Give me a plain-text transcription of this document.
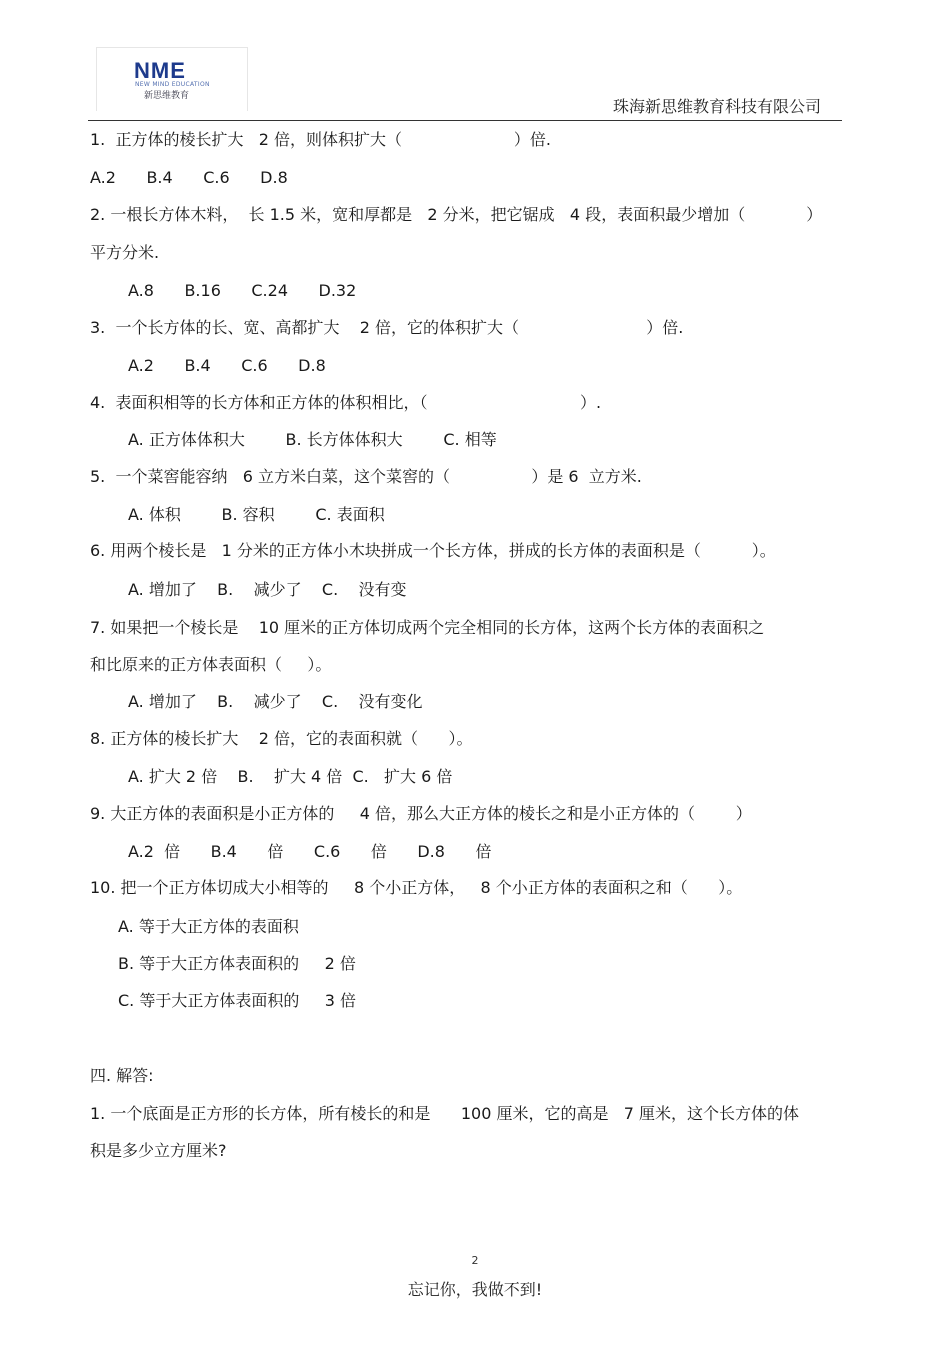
NME
NEW MIND EDUCATION
新思维教育
珠海新思维教育科技有限公司
1.  正方体的棱长扩大   2 倍，则体积扩大（                      ）倍.
A.2      B.4      C.6      D.8
2. 一根长方体木料，  长 1.5 米，宽和厚都是   2 分米，把它锯成   4 段，表面积最少增加（            ）
平方分米.
A.8      B.16      C.24      D.32
3.  一个长方体的长、宽、高都扩大    2 倍，它的体积扩大（                         ）倍.
A.2      B.4      C.6      D.8
4.  表面积相等的长方体和正方体的体积相比，（                              ）.
A. 正方体体积大        B. 长方体体积大        C. 相等
5.  一个菜窖能容纳   6 立方米白菜，这个菜窖的（                ）是 6  立方米.
A. 体积        B. 容积        C. 表面积
6. 用两个棱长是   1 分米的正方体小木块拼成一个长方体，拼成的长方体的表面积是（          ）。
A. 增加了    B.    减少了    C.    没有变
7. 如果把一个棱长是    10 厘米的正方体切成两个完全相同的长方体，这两个长方体的表面积之
和比原来的正方体表面积（     ）。
A. 增加了    B.    减少了    C.    没有变化
8. 正方体的棱长扩大    2 倍，它的表面积就（      ）。
A. 扩大 2 倍    B.    扩大 4 倍  C.   扩大 6 倍
9. 大正方体的表面积是小正方体的     4 倍，那么大正方体的棱长之和是小正方体的（        ）
A.2  倍      B.4      倍      C.6      倍      D.8      倍
10. 把一个正方体切成大小相等的     8 个小正方体，   8 个小正方体的表面积之和（      ）。
A. 等于大正方体的表面积
B. 等于大正方体表面积的     2 倍
C. 等于大正方体表面积的     3 倍
四. 解答:
1. 一个底面是正方形的长方体，所有棱长的和是      100 厘米，它的高是   7 厘米，这个长方体的体
积是多少立方厘米?
2
忘记你，我做不到!
